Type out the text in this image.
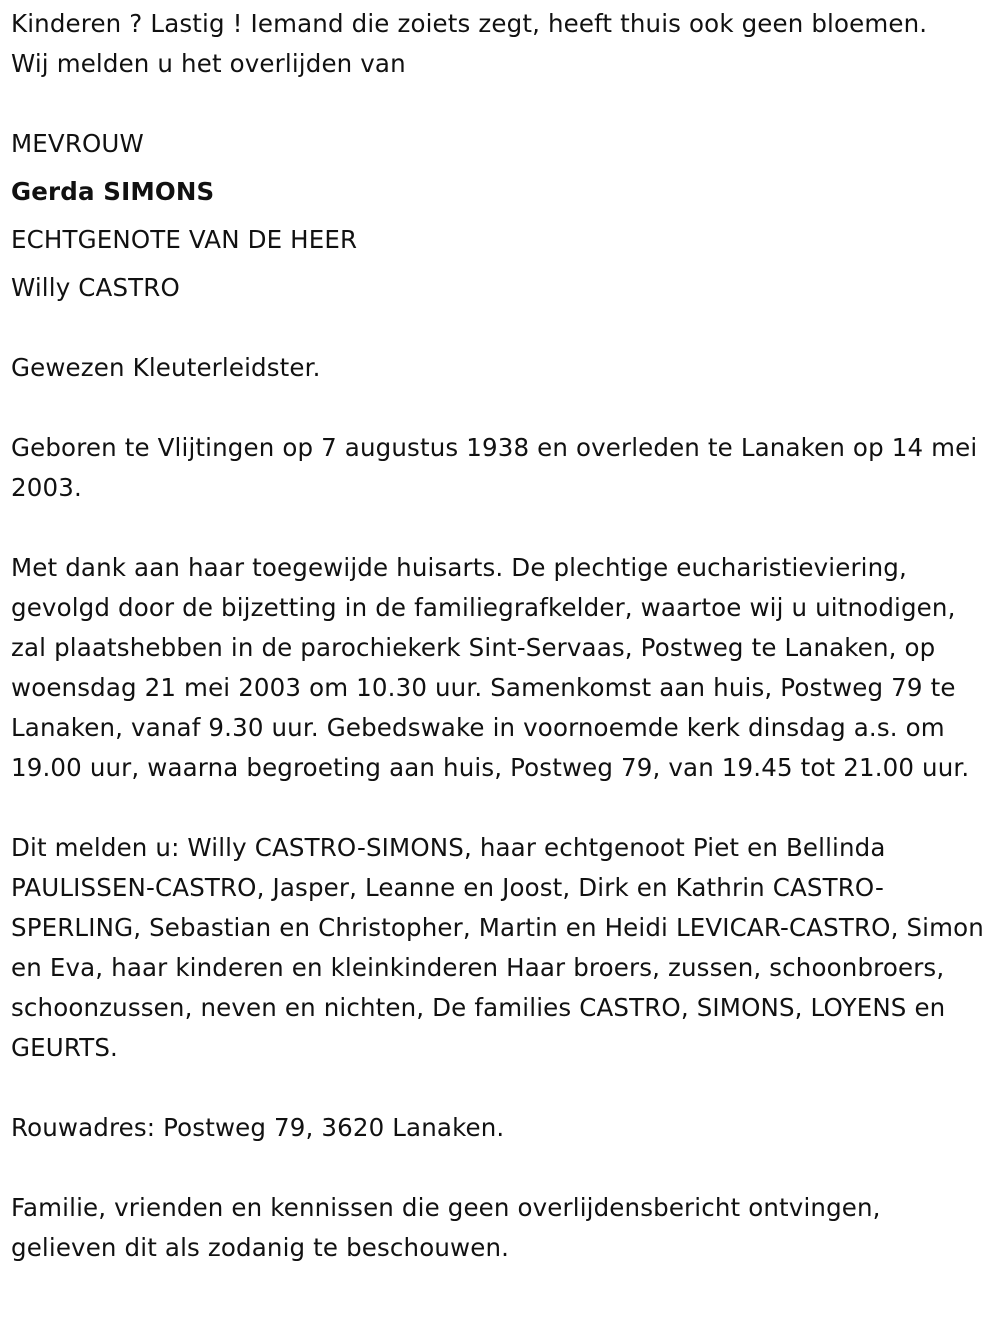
Kinderen ? Lastig ! Iemand die zoiets zegt, heeft thuis ook geen bloemen.

Wij melden u het overlijden van

MEVROUW

Gerda SIMONS

ECHTGENOTE VAN DE HEER

Willy CASTRO

Gewezen Kleuterleidster.

Geboren te Vlijtingen op 7 augustus 1938 en overleden te Lanaken op 14 mei 2003.

Met dank aan haar toegewijde huisarts. De plechtige eucharistieviering, gevolgd door de bijzetting in de familiegrafkelder, waartoe wij u uitnodigen, zal plaatshebben in de parochiekerk Sint-Servaas, Postweg te Lanaken, op woensdag 21 mei 2003 om 10.30 uur. Samenkomst aan huis, Postweg 79 te Lanaken, vanaf 9.30 uur. Gebedswake in voornoemde kerk dinsdag a.s. om 19.00 uur, waarna begroeting aan huis, Postweg 79, van 19.45 tot 21.00 uur.

Dit melden u: Willy CASTRO-SIMONS, haar echtgenoot Piet en Bellinda PAULISSEN-CASTRO, Jasper, Leanne en Joost, Dirk en Kathrin CASTRO-SPERLING, Sebastian en Christopher, Martin en Heidi LEVICAR-CASTRO, Simon en Eva, haar kinderen en kleinkinderen Haar broers, zussen, schoonbroers, schoonzussen, neven en nichten, De families CASTRO, SIMONS, LOYENS en GEURTS.

Rouwadres: Postweg 79, 3620 Lanaken.

Familie, vrienden en kennissen die geen overlijdensbericht ontvingen, gelieven dit als zodanig te beschouwen.
